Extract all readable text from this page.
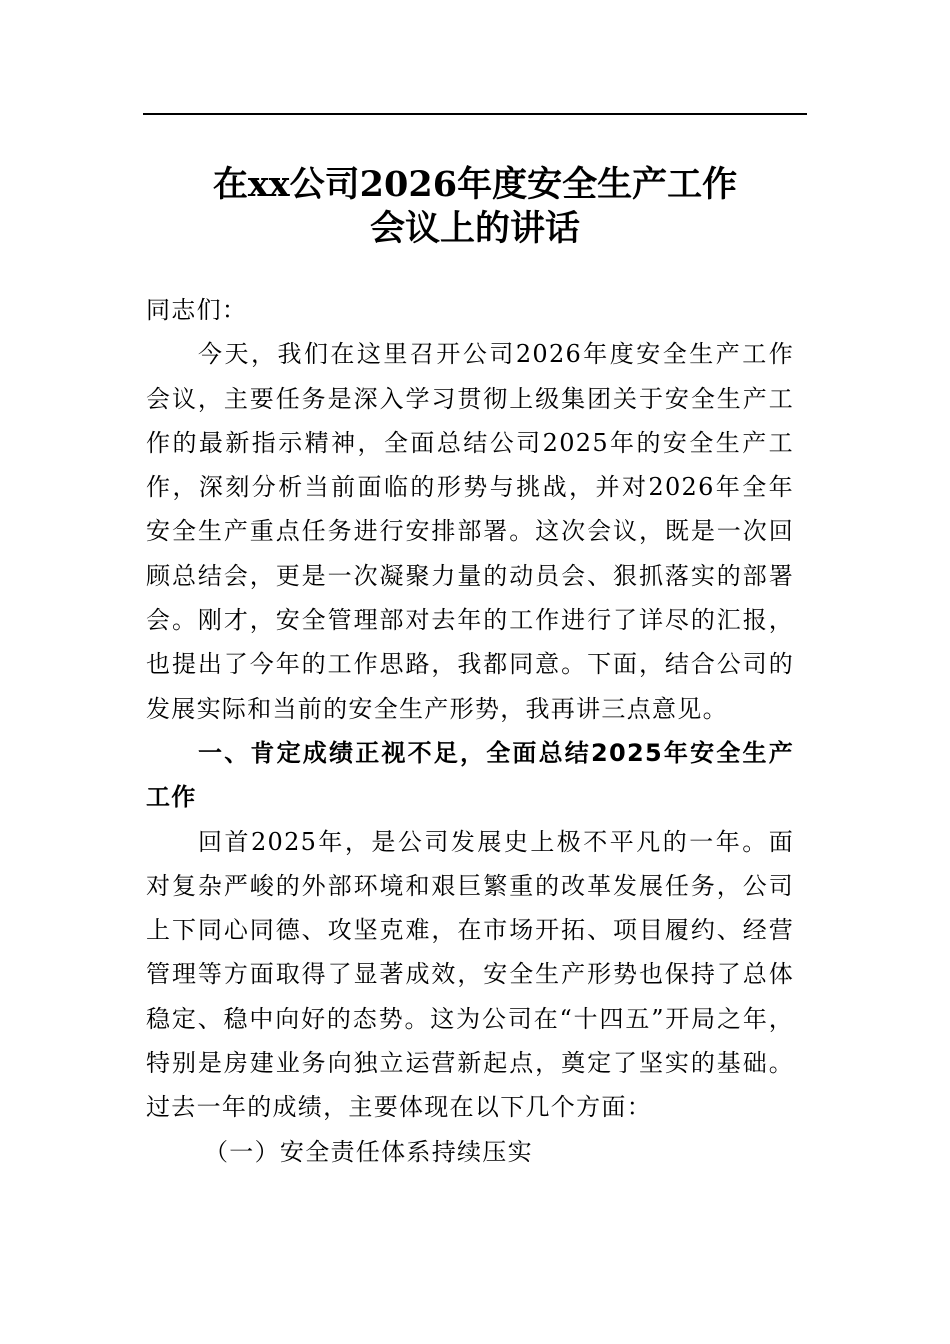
在xx公司2026年度安全生产工作
会议上的讲话

同志们：

今天，我们在这里召开公司2026年度安全生产工作会议，主要任务是深入学习贯彻上级集团关于安全生产工作的最新指示精神，全面总结公司2025年的安全生产工作，深刻分析当前面临的形势与挑战，并对2026年全年安全生产重点任务进行安排部署。这次会议，既是一次回顾总结会，更是一次凝聚力量的动员会、狠抓落实的部署会。刚才，安全管理部对去年的工作进行了详尽的汇报，也提出了今年的工作思路，我都同意。下面，结合公司的发展实际和当前的安全生产形势，我再讲三点意见。

一、肯定成绩正视不足，全面总结2025年安全生产工作

回首2025年，是公司发展史上极不平凡的一年。面对复杂严峻的外部环境和艰巨繁重的改革发展任务，公司上下同心同德、攻坚克难，在市场开拓、项目履约、经营管理等方面取得了显著成效，安全生产形势也保持了总体稳定、稳中向好的态势。这为公司在“十四五”开局之年，特别是房建业务向独立运营新起点，奠定了坚实的基础。过去一年的成绩，主要体现在以下几个方面：

（一）安全责任体系持续压实
